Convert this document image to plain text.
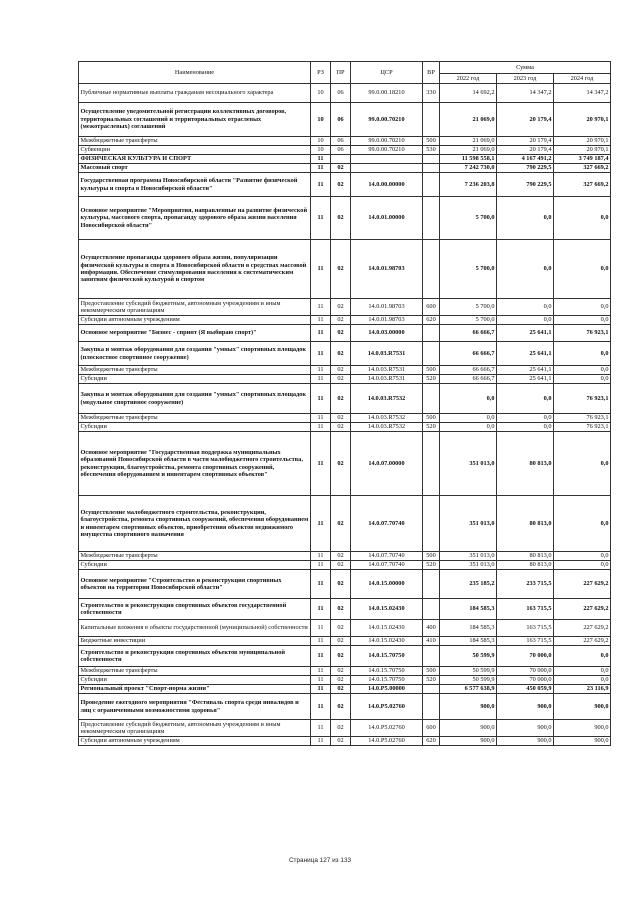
Наименование	РЗ	ПР	ЦСР	ВР	Сумма		
					2022 год	2023 год	2024 год
Публичные нормативные выплаты гражданам несоциального характера	10	06	99.0.00.18210	330	14 692,2	14 347,2	14 347,2
Осуществление уведомительной регистрации коллективных договоров, территориальных соглашений и территориальных отраслевых (межотраслевых) соглашений	10	06	99.0.00.70210		21 069,0	20 179,4	20 970,1
Межбюджетные трансферты	10	06	99.0.00.70210	500	21 069,0	20 179,4	20 970,1
Субвенции	10	06	99.0.00.70210	530	21 069,0	20 179,4	20 970,1
ФИЗИЧЕСКАЯ КУЛЬТУРА И СПОРТ	11				11 598 558,1	4 167 491,2	3 749 187,4
Массовый спорт	11	02			7 242 730,0	790 229,5	327 669,2
Государственная программа Новосибирской области "Развитие физической культуры и спорта в Новосибирской области"	11	02	14.0.00.00000		7 236 203,8	790 229,5	327 669,2
Основное мероприятие "Мероприятия, направленные на развитие физической культуры, массового спорта, пропаганду здорового образа жизни населения Новосибирской области"	11	02	14.0.01.00000		5 700,0	0,0	0,0
Осуществление пропаганды здорового образа жизни, популяризации физической культуры и спорта в Новосибирской области в средствах массовой информации. Обеспечение стимулирования населения к систематическим занятиям физической культурой и спортом	11	02	14.0.01.98703		5 700,0	0,0	0,0
Предоставление субсидий бюджетным, автономным учреждениям и иным некоммерческим организациям	11	02	14.0.01.98703	600	5 700,0	0,0	0,0
Субсидии автономным учреждениям	11	02	14.0.01.98703	620	5 700,0	0,0	0,0
Основное мероприятие "Бизнес - спринт (Я выбираю спорт)"	11	02	14.0.03.00000		66 666,7	25 641,1	76 923,1
Закупка и монтаж оборудования для создания "умных" спортивных площадок (плоскостное спортивное сооружение)	11	02	14.0.03.R7531		66 666,7	25 641,1	0,0
Межбюджетные трансферты	11	02	14.0.03.R7531	500	66 666,7	25 641,1	0,0
Субсидии	11	02	14.0.03.R7531	520	66 666,7	25 641,1	0,0
Закупка и монтаж оборудования для создания "умных" спортивных площадок (модульное спортивное сооружение)	11	02	14.0.03.R7532		0,0	0,0	76 923,1
Межбюджетные трансферты	11	02	14.0.03.R7532	500	0,0	0,0	76 923,1
Субсидии	11	02	14.0.03.R7532	520	0,0	0,0	76 923,1
Основное мероприятие "Государственная поддержка муниципальных образований Новосибирской области в части малобюджетного строительства, реконструкции, благоустройства, ремонта спортивных сооружений, обеспечения оборудованием и инвентарем спортивных объектов"	11	02	14.0.07.00000		351 013,0	80 813,0	0,0
Осуществление малобюджетного строительства, реконструкции, благоустройства, ремонта спортивных сооружений, обеспечения оборудованием и инвентарем спортивных объектов, приобретения объектов недвижимого имущества спортивного назначения	11	02	14.0.07.70740		351 013,0	80 813,0	0,0
Межбюджетные трансферты	11	02	14.0.07.70740	500	351 013,0	80 813,0	0,0
Субсидии	11	02	14.0.07.70740	520	351 013,0	80 813,0	0,0
Основное мероприятие "Строительство и реконструкция спортивных объектов на территории Новосибирской области"	11	02	14.0.15.00000		235 185,2	233 715,5	227 629,2
Строительство и реконструкция спортивных объектов государственной собственности	11	02	14.0.15.02430		184 585,3	163 715,5	227 629,2
Капитальные вложения в объекты государственной (муниципальной) собственности	11	02	14.0.15.02430	400	184 585,3	163 715,5	227 629,2
Бюджетные инвестиции	11	02	14.0.15.02430	410	184 585,3	163 715,5	227 629,2
Строительство и реконструкция спортивных объектов муниципальной собственности	11	02	14.0.15.70750		50 599,9	70 000,0	0,0
Межбюджетные трансферты	11	02	14.0.15.70750	500	50 599,9	70 000,0	0,0
Субсидии	11	02	14.0.15.70750	520	50 599,9	70 000,0	0,0
Региональный проект "Спорт-норма жизни"	11	02	14.0.P5.00000		6 577 638,9	450 059,9	23 116,9
Проведение ежегодного мероприятия "Фестиваль спорта среди инвалидов и лиц с ограниченными возможностями здоровья"	11	02	14.0.P5.02760		900,0	900,0	900,0
Предоставление субсидий бюджетным, автономным учреждениям и иным некоммерческим организациям	11	02	14.0.P5.02760	600	900,0	900,0	900,0
Субсидии автономным учреждениям	11	02	14.0.P5.02760	620	900,0	900,0	900,0
Страница 127 из 133
